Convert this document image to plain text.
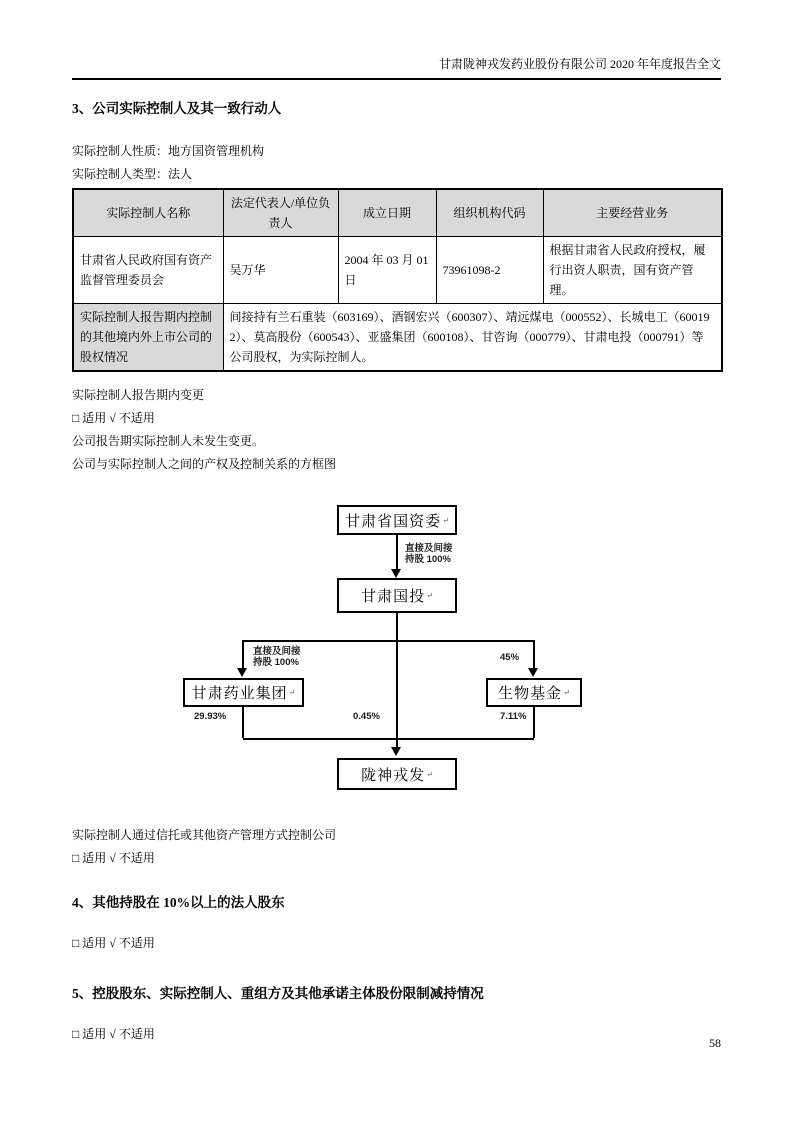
甘肃陇神戎发药业股份有限公司 2020 年年度报告全文
3、公司实际控制人及其一致行动人

实际控制人性质：地方国资管理机构

实际控制人类型：法人

实际控制人名称	法定代表人/单位负责人	成立日期	组织机构代码	主要经营业务
甘肃省人民政府国有资产监督管理委员会	吴万华	2004 年 03 月 01 日	73961098-2	根据甘肃省人民政府授权，履行出资人职责，国有资产管理。
实际控制人报告期内控制的其他境内外上市公司的股权情况	间接持有兰石重装（603169）、酒钢宏兴（600307）、靖远煤电（000552）、长城电工（600192）、莫高股份（600543）、亚盛集团（600108）、甘咨询（000779）、甘肃电投（000791）等公司股权，为实际控制人。			

实际控制人报告期内变更

□ 适用 √ 不适用

公司报告期实际控制人未发生变更。

公司与实际控制人之间的产权及控制关系的方框图

甘肃省国资委 ↵
直接及间接
持股 100%
甘肃国投 ↵
直接及间接
持股 100%	45%
甘肃药业集团 ↵	生物基金 ↵
29.93%	0.45%	7.11%
陇神戎发 ↵

实际控制人通过信托或其他资产管理方式控制公司

□ 适用 √ 不适用

4、其他持股在 10%以上的法人股东

□ 适用 √ 不适用

5、控股股东、实际控制人、重组方及其他承诺主体股份限制减持情况

□ 适用 √ 不适用

58
